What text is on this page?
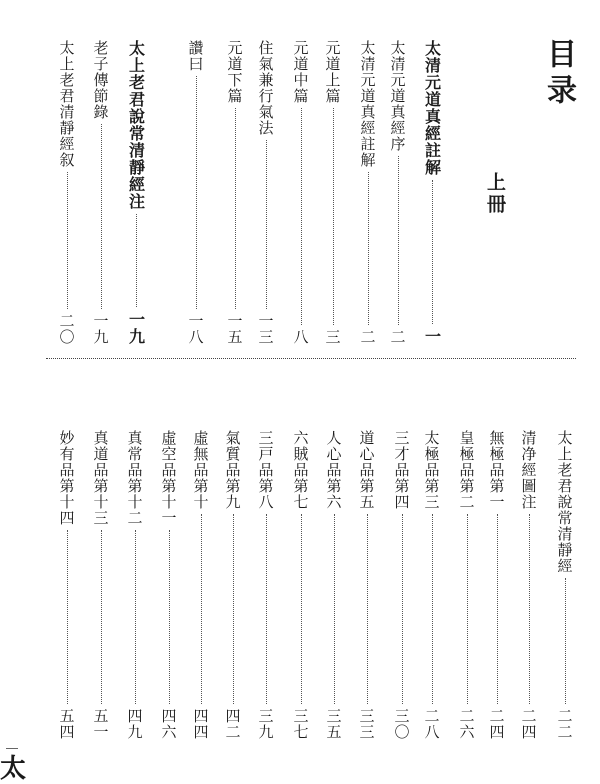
目录
上冊
太清元道真經註解
一
太清元道真經序
二
太清元道真經註解
二
元道上篇
三
元道中篇
八
住氣兼行氣法
一三
元道下篇
一五
讚曰
一八
太上老君說常清靜經注
一九
老子傳節錄
一九
太上老君清靜經叙
二〇
太上老君說常清靜經
二二
清净經圖注
二四
無極品第一
二四
皇極品第二
二六
太極品第三
二八
三才品第四
三〇
道心品第五
三三
人心品第六
三五
六賊品第七
三七
三戸品第八
三九
氣質品第九
四二
虛無品第十
四四
虛空品第十一
四六
真常品第十二
四九
真道品第十三
五一
妙有品第十四
五四
太
